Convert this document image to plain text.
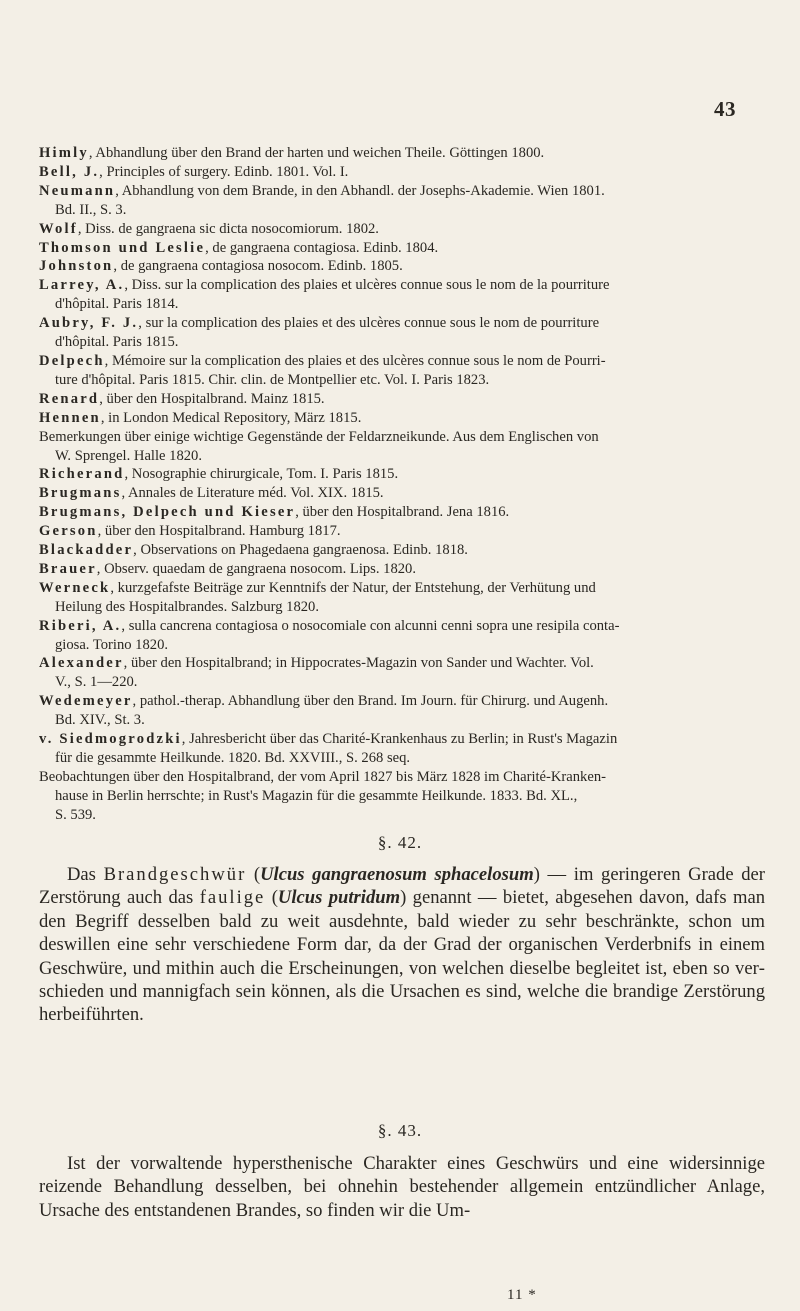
43
Himly, Abhandlung über den Brand der harten und weichen Theile. Göttingen 1800.
Bell, J., Principles of surgery. Edinb. 1801. Vol. I.
Neumann, Abhandlung von dem Brande, in den Abhandl. der Josephs-Akademie. Wien 1801.
Bd. II., S. 3.
Wolf, Diss. de gangraena sic dicta nosocomiorum. 1802.
Thomson und Leslie, de gangraena contagiosa. Edinb. 1804.
Johnston, de gangraena contagiosa nosocom. Edinb. 1805.
Larrey, A., Diss. sur la complication des plaies et ulcères connue sous le nom de la pourriture
d'hôpital. Paris 1814.
Aubry, F. J., sur la complication des plaies et des ulcères connue sous le nom de pourriture
d'hôpital. Paris 1815.
Delpech, Mémoire sur la complication des plaies et des ulcères connue sous le nom de Pourri-
ture d'hôpital. Paris 1815. Chir. clin. de Montpellier etc. Vol. I. Paris 1823.
Renard, über den Hospitalbrand. Mainz 1815.
Hennen, in London Medical Repository, März 1815.
Bemerkungen über einige wichtige Gegenstände der Feldarzneikunde. Aus dem Englischen von
W. Sprengel. Halle 1820.
Richerand, Nosographie chirurgicale, Tom. I. Paris 1815.
Brugmans, Annales de Literature méd. Vol. XIX. 1815.
Brugmans, Delpech und Kieser, über den Hospitalbrand. Jena 1816.
Gerson, über den Hospitalbrand. Hamburg 1817.
Blackadder, Observations on Phagedaena gangraenosa. Edinb. 1818.
Brauer, Observ. quaedam de gangraena nosocom. Lips. 1820.
Werneck, kurzgefafste Beiträge zur Kenntnifs der Natur, der Entstehung, der Verhütung und
Heilung des Hospitalbrandes. Salzburg 1820.
Riberi, A., sulla cancrena contagiosa o nosocomiale con alcunni cenni sopra une resipila conta-
giosa. Torino 1820.
Alexander, über den Hospitalbrand; in Hippocrates-Magazin von Sander und Wachter. Vol.
V., S. 1—220.
Wedemeyer, pathol.-therap. Abhandlung über den Brand. Im Journ. für Chirurg. und Augenh.
Bd. XIV., St. 3.
v. Siedmogrodzki, Jahresbericht über das Charité-Krankenhaus zu Berlin; in Rust's Magazin
für die gesammte Heilkunde. 1820. Bd. XXVIII., S. 268 seq.
Beobachtungen über den Hospitalbrand, der vom April 1827 bis März 1828 im Charité-Kranken-
hause in Berlin herrschte; in Rust's Magazin für die gesammte Heilkunde. 1833. Bd. XL.,
S. 539.
§. 42.
Das Brandgeschwür (Ulcus gangraenosum sphacelosum) — im geringeren Grade der Zerstörung auch das faulige (Ulcus putridum) genannt — bietet, abgesehen davon, dafs man den Begriff desselben bald zu weit ausdehnte, bald wieder zu sehr beschränkte, schon um deswillen eine sehr verschiedene Form dar, da der Grad der organischen Verderbnifs in einem Geschwüre, und mithin auch die Erscheinungen, von welchen dieselbe begleitet ist, eben so verschieden und mannigfach sein können, als die Ursachen es sind, welche die brandige Zerstörung herbeiführten.
§. 43.
Ist der vorwaltende hypersthenische Charakter eines Geschwürs und eine widersinnige reizende Behandlung desselben, bei ohnehin bestehender allgemein entzündlicher Anlage, Ursache des entstandenen Brandes, so finden wir die Um-
11 *
